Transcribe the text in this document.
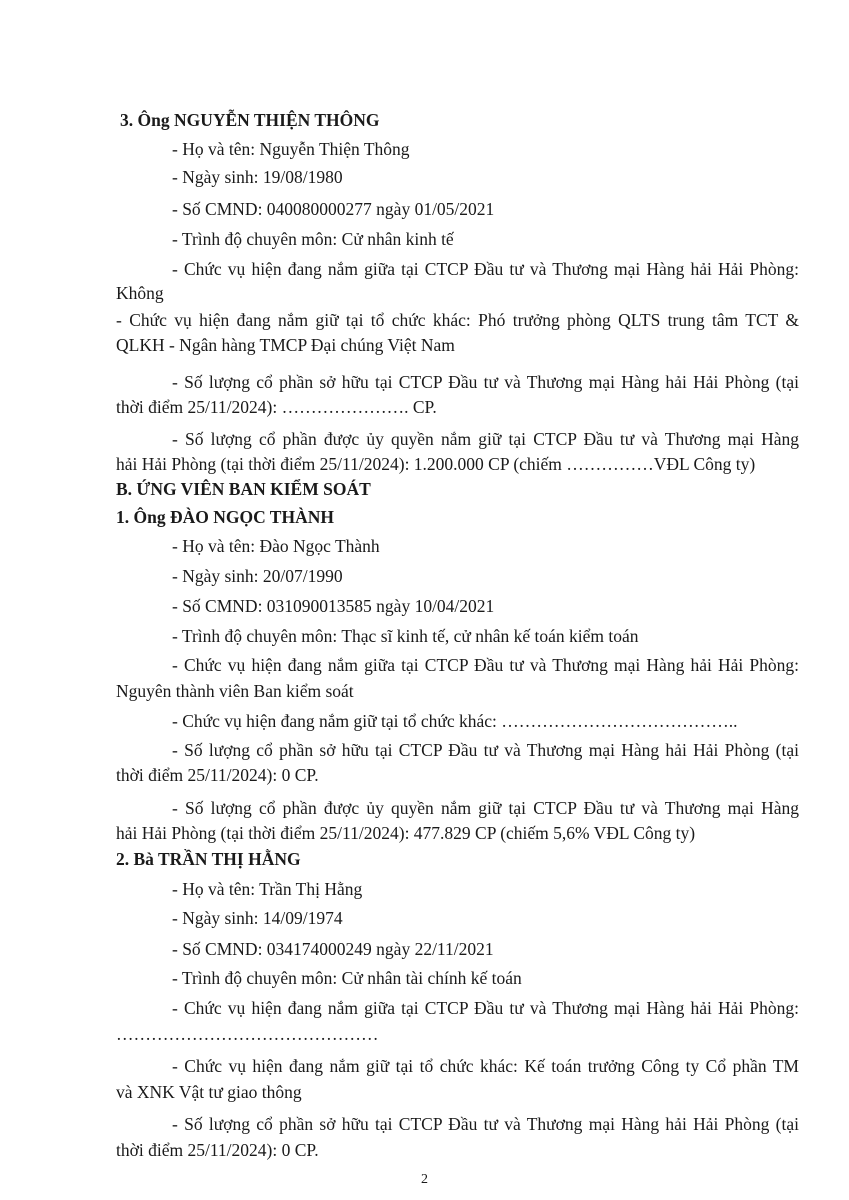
3. Ông NGUYỄN THIỆN THÔNG
- Họ và tên: Nguyễn Thiện Thông
- Ngày sinh: 19/08/1980
- Số CMND: 040080000277 ngày 01/05/2021
- Trình độ chuyên môn: Cử nhân kinh tế
- Chức vụ hiện đang nắm giữa tại CTCP Đầu tư và Thương mại Hàng hải Hải Phòng:
Không
- Chức vụ hiện đang nắm giữ tại tổ chức khác: Phó trưởng phòng QLTS trung tâm TCT &
QLKH - Ngân hàng TMCP Đại chúng Việt Nam
- Số lượng cổ phần sở hữu tại CTCP Đầu tư và Thương mại Hàng hải Hải Phòng (tại
thời điểm 25/11/2024): …………………. CP.
- Số lượng cổ phần được ủy quyền nắm giữ tại CTCP Đầu tư và Thương mại Hàng
hải Hải Phòng (tại thời điểm 25/11/2024): 1.200.000 CP (chiếm ……………VĐL Công ty)
B. ỨNG VIÊN BAN KIỂM SOÁT
1. Ông ĐÀO NGỌC THÀNH
- Họ và tên: Đào Ngọc Thành
- Ngày sinh: 20/07/1990
- Số CMND: 031090013585 ngày 10/04/2021
- Trình độ chuyên môn: Thạc sĩ kinh tế, cử nhân kế toán kiểm toán
- Chức vụ hiện đang nắm giữa tại CTCP Đầu tư và Thương mại Hàng hải Hải Phòng:
Nguyên thành viên Ban kiểm soát
- Chức vụ hiện đang nắm giữ tại tổ chức khác: …………………………………..
- Số lượng cổ phần sở hữu tại CTCP Đầu tư và Thương mại Hàng hải Hải Phòng (tại
thời điểm 25/11/2024): 0 CP.
- Số lượng cổ phần được ủy quyền nắm giữ tại CTCP Đầu tư và Thương mại Hàng
hải Hải Phòng (tại thời điểm 25/11/2024): 477.829 CP (chiếm 5,6% VĐL Công ty)
2. Bà TRẦN THỊ HẰNG
- Họ và tên: Trần Thị Hằng
- Ngày sinh: 14/09/1974
- Số CMND: 034174000249 ngày 22/11/2021
- Trình độ chuyên môn: Cử nhân tài chính kế toán
- Chức vụ hiện đang nắm giữa tại CTCP Đầu tư và Thương mại Hàng hải Hải Phòng:
………………………………………
- Chức vụ hiện đang nắm giữ tại tổ chức khác: Kế toán trưởng Công ty Cổ phần TM
và XNK Vật tư giao thông
- Số lượng cổ phần sở hữu tại CTCP Đầu tư và Thương mại Hàng hải Hải Phòng (tại
thời điểm 25/11/2024): 0 CP.
2
